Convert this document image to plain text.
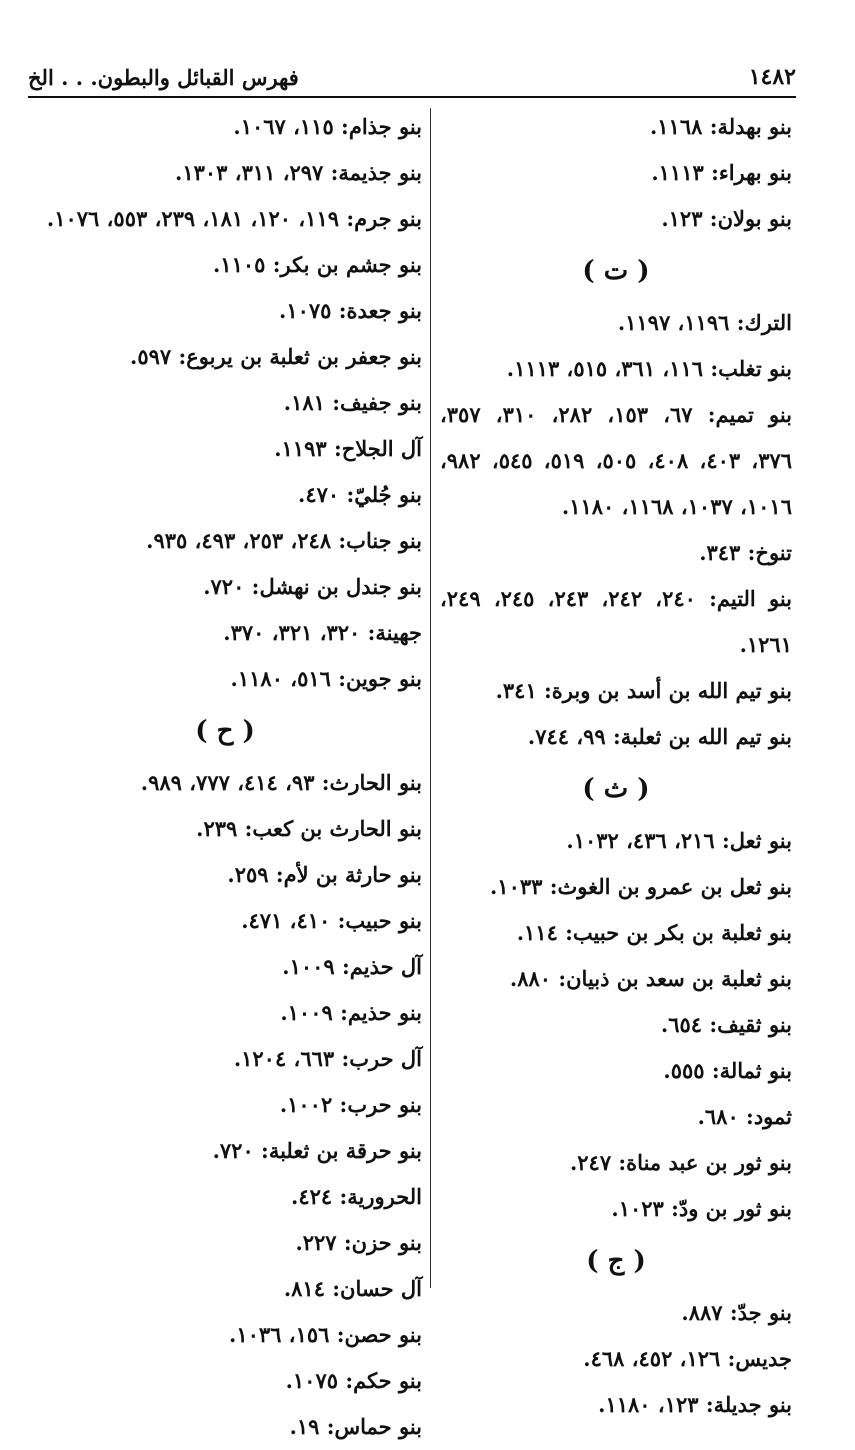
١٤٨٢
فهرس القبائل والبطون. . . الخ
بنو بهدلة: ١١٦٨.
بنو بهراء: ١١١٣.
بنو بولان: ١٢٣.
( ت )
الترك: ١١٩٦، ١١٩٧.
بنو تغلب: ١١٦، ٣٦١، ٥١٥، ١١١٣.
بنو تميم: ٦٧، ١٥٣، ٢٨٢، ٣١٠، ٣٥٧، ٣٧٦، ٤٠٣، ٤٠٨، ٥٠٥، ٥١٩، ٥٤٥، ٩٨٢، ١٠١٦، ١٠٣٧، ١١٦٨، ١١٨٠.
تنوخ: ٣٤٣.
بنو التيم: ٢٤٠، ٢٤٢، ٢٤٣، ٢٤٥، ٢٤٩، ١٢٦١.
بنو تيم الله بن أسد بن وبرة: ٣٤١.
بنو تيم الله بن ثعلبة: ٩٩، ٧٤٤.
( ث )
بنو ثعل: ٢١٦، ٤٣٦، ١٠٣٢.
بنو ثعل بن عمرو بن الغوث: ١٠٣٣.
بنو ثعلبة بن بكر بن حبيب: ١١٤.
بنو ثعلبة بن سعد بن ذبيان: ٨٨٠.
بنو ثقيف: ٦٥٤.
بنو ثمالة: ٥٥٥.
ثمود: ٦٨٠.
بنو ثور بن عبد مناة: ٢٤٧.
بنو ثور بن ودّ: ١٠٢٣.
( ج )
بنو جدّ: ٨٨٧.
جديس: ١٢٦، ٤٥٢، ٤٦٨.
بنو جديلة: ١٢٣، ١١٨٠.
بنو جذام: ١١٥، ١٠٦٧.
بنو جذيمة: ٢٩٧، ٣١١، ١٣٠٣.
بنو جرم: ١١٩، ١٢٠، ١٨١، ٢٣٩، ٥٥٣، ١٠٧٦.
بنو جشم بن بكر: ١١٠٥.
بنو جعدة: ١٠٧٥.
بنو جعفر بن ثعلبة بن يربوع: ٥٩٧.
بنو جفيف: ١٨١.
آل الجلاح: ١١٩٣.
بنو جُليّ: ٤٧٠.
بنو جناب: ٢٤٨، ٢٥٣، ٤٩٣، ٩٣٥.
بنو جندل بن نهشل: ٧٢٠.
جهينة: ٣٢٠، ٣٢١، ٣٧٠.
بنو جوين: ٥١٦، ١١٨٠.
( ح )
بنو الحارث: ٩٣، ٤١٤، ٧٧٧، ٩٨٩.
بنو الحارث بن كعب: ٢٣٩.
بنو حارثة بن لأم: ٢٥٩.
بنو حبيب: ٤١٠، ٤٧١.
آل حذيم: ١٠٠٩.
بنو حذيم: ١٠٠٩.
آل حرب: ٦٦٣، ١٢٠٤.
بنو حرب: ١٠٠٢.
بنو حرقة بن ثعلبة: ٧٢٠.
الحرورية: ٤٢٤.
بنو حزن: ٢٢٧.
آل حسان: ٨١٤.
بنو حصن: ١٥٦، ١٠٣٦.
بنو حكم: ١٠٧٥.
بنو حماس: ١٩.
